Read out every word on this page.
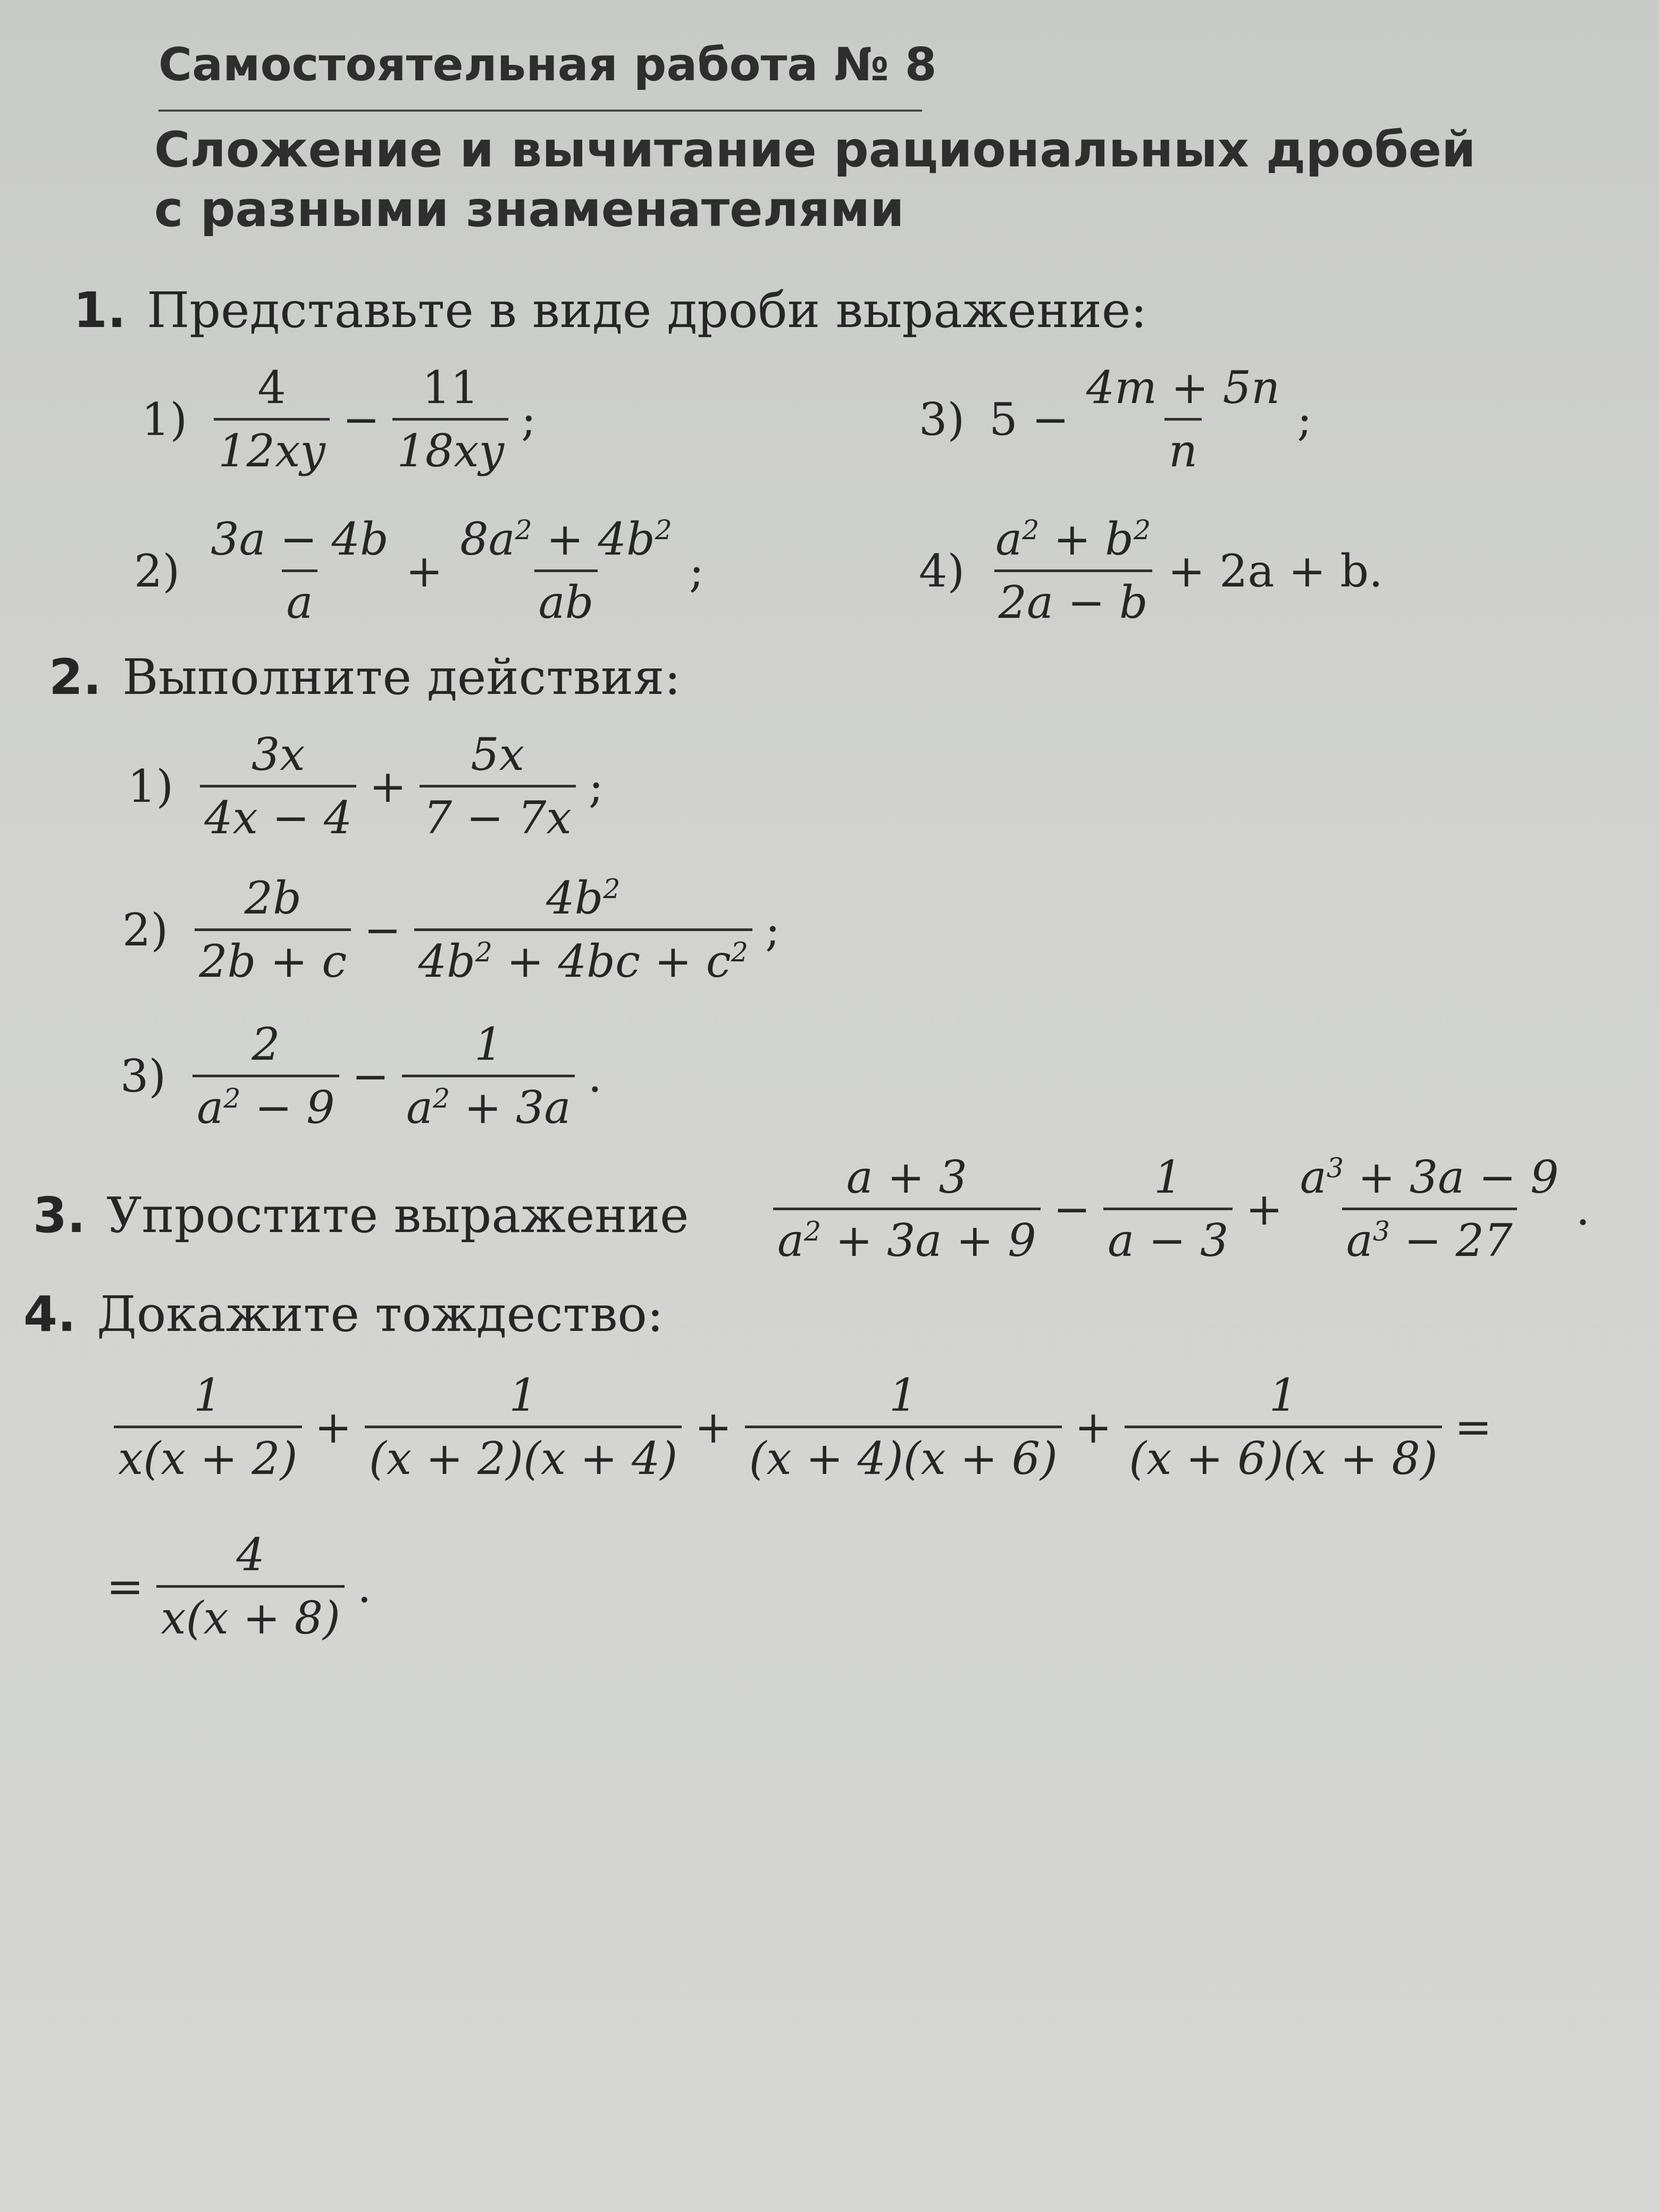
Самостоятельная работа № 8
Сложение и вычитание рациональных дробей
с разными знаменателями
1. Представьте в виде дроби выражение:
$1) \frac{4}{12xy} - \frac{11}{18xy}$ ;	3) $5 - \frac{4m + 5n}{n}$ ;
$2) \frac{3a - 4b}{a} + \frac{8a^2 + 4b^2}{ab}$ ;	$4) \frac{a^2 + b^2}{2a - b} + 2a + b$.
2. Выполните действия:
$1) \frac{3x}{4x - 4} + \frac{5x}{7 - 7x}$ ;
$2) \frac{2b}{2b + c} - \frac{4b^2}{4b^2 + 4bc + c^2}$ ;
$3) \frac{2}{a^2 - 9} - \frac{1}{a^2 + 3a}$ .
3. Упростите выражение $\frac{a + 3}{a^2 + 3a + 9} - \frac{1}{a - 3} + \frac{a^3 + 3a - 9}{a^3 - 27}$ .
4. Докажите тождество:
$\frac{1}{x(x + 2)} + \frac{1}{(x + 2)(x + 4)} + \frac{1}{(x + 4)(x + 6)} + \frac{1}{(x + 6)(x + 8)}$ =
= $\frac{4}{x(x + 8)}$ .
